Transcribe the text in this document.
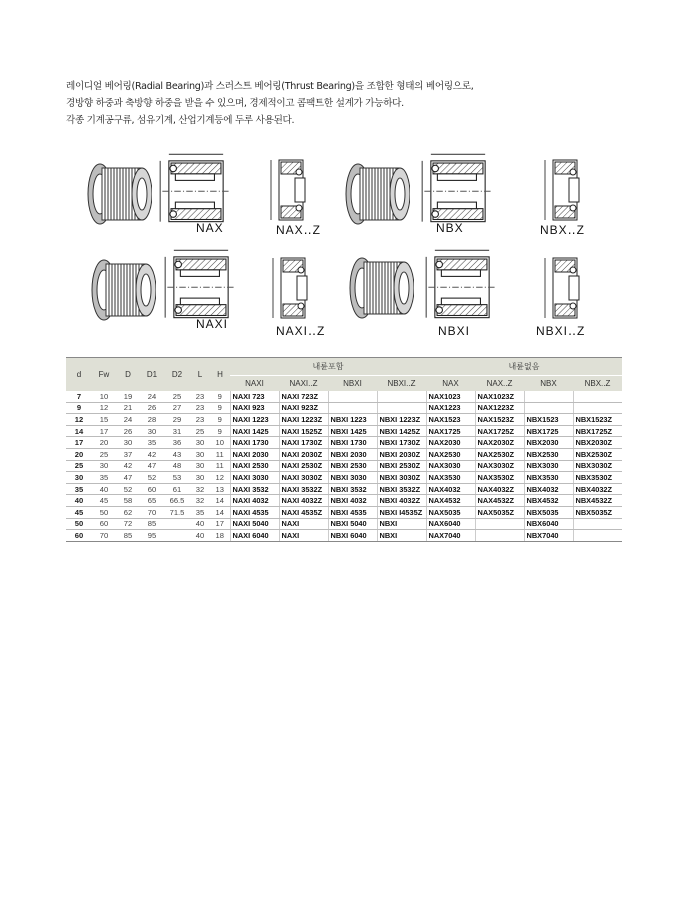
레이디얼 베어링(Radial Bearing)과 스러스트 베어링(Thrust Bearing)을 조합한 형태의 베어링으로,

경방향 하중과 축방향 하중을 받을 수 있으며, 경제적이고 콤팩트한 설계가 가능하다.

각종 기계공구류, 섬유기계, 산업기계등에 두루 사용된다.

NAX	NAX‥Z	NBX	NBX‥Z
NAXI	NAXI‥Z	NBXI	NBXI‥Z
d	Fw	D	D1	D2	L	H	내륜포함				내륜없음			
							NAXI	NAXI..Z	NBXI	NBXI..Z	NAX	NAX..Z	NBX	NBX..Z
7	10	19	24	25	23	9	NAXI 723	NAXI 723Z			NAX1023	NAX1023Z		
9	12	21	26	27	23	9	NAXI 923	NAXI 923Z			NAX1223	NAX1223Z		
12	15	24	28	29	23	9	NAXI 1223	NAXI 1223Z	NBXI 1223	NBXI 1223Z	NAX1523	NAX1523Z	NBX1523	NBX1523Z
14	17	26	30	31	25	9	NAXI 1425	NAXI 1525Z	NBXI 1425	NBXI 1425Z	NAX1725	NAX1725Z	NBX1725	NBX1725Z
17	20	30	35	36	30	10	NAXI 1730	NAXI 1730Z	NBXI 1730	NBXI 1730Z	NAX2030	NAX2030Z	NBX2030	NBX2030Z
20	25	37	42	43	30	11	NAXI 2030	NAXI 2030Z	NBXI 2030	NBXI 2030Z	NAX2530	NAX2530Z	NBX2530	NBX2530Z
25	30	42	47	48	30	11	NAXI 2530	NAXI 2530Z	NBXI 2530	NBXI 2530Z	NAX3030	NAX3030Z	NBX3030	NBX3030Z
30	35	47	52	53	30	12	NAXI 3030	NAXI 3030Z	NBXI 3030	NBXI 3030Z	NAX3530	NAX3530Z	NBX3530	NBX3530Z
35	40	52	60	61	32	13	NAXI 3532	NAXI 3532Z	NBXI 3532	NBXI 3532Z	NAX4032	NAX4032Z	NBX4032	NBX4032Z
40	45	58	65	66.5	32	14	NAXI 4032	NAXI 4032Z	NBXI 4032	NBXI 4032Z	NAX4532	NAX4532Z	NBX4532	NBX4532Z
45	50	62	70	71.5	35	14	NAXI 4535	NAXI 4535Z	NBXI 4535	NBXI I4535Z	NAX5035	NAX5035Z	NBX5035	NBX5035Z
50	60	72	85		40	17	NAXI 5040	NAXI	NBXI 5040	NBXI	NAX6040		NBX6040	
60	70	85	95		40	18	NAXI 6040	NAXI	NBXI 6040	NBXI	NAX7040		NBX7040	
